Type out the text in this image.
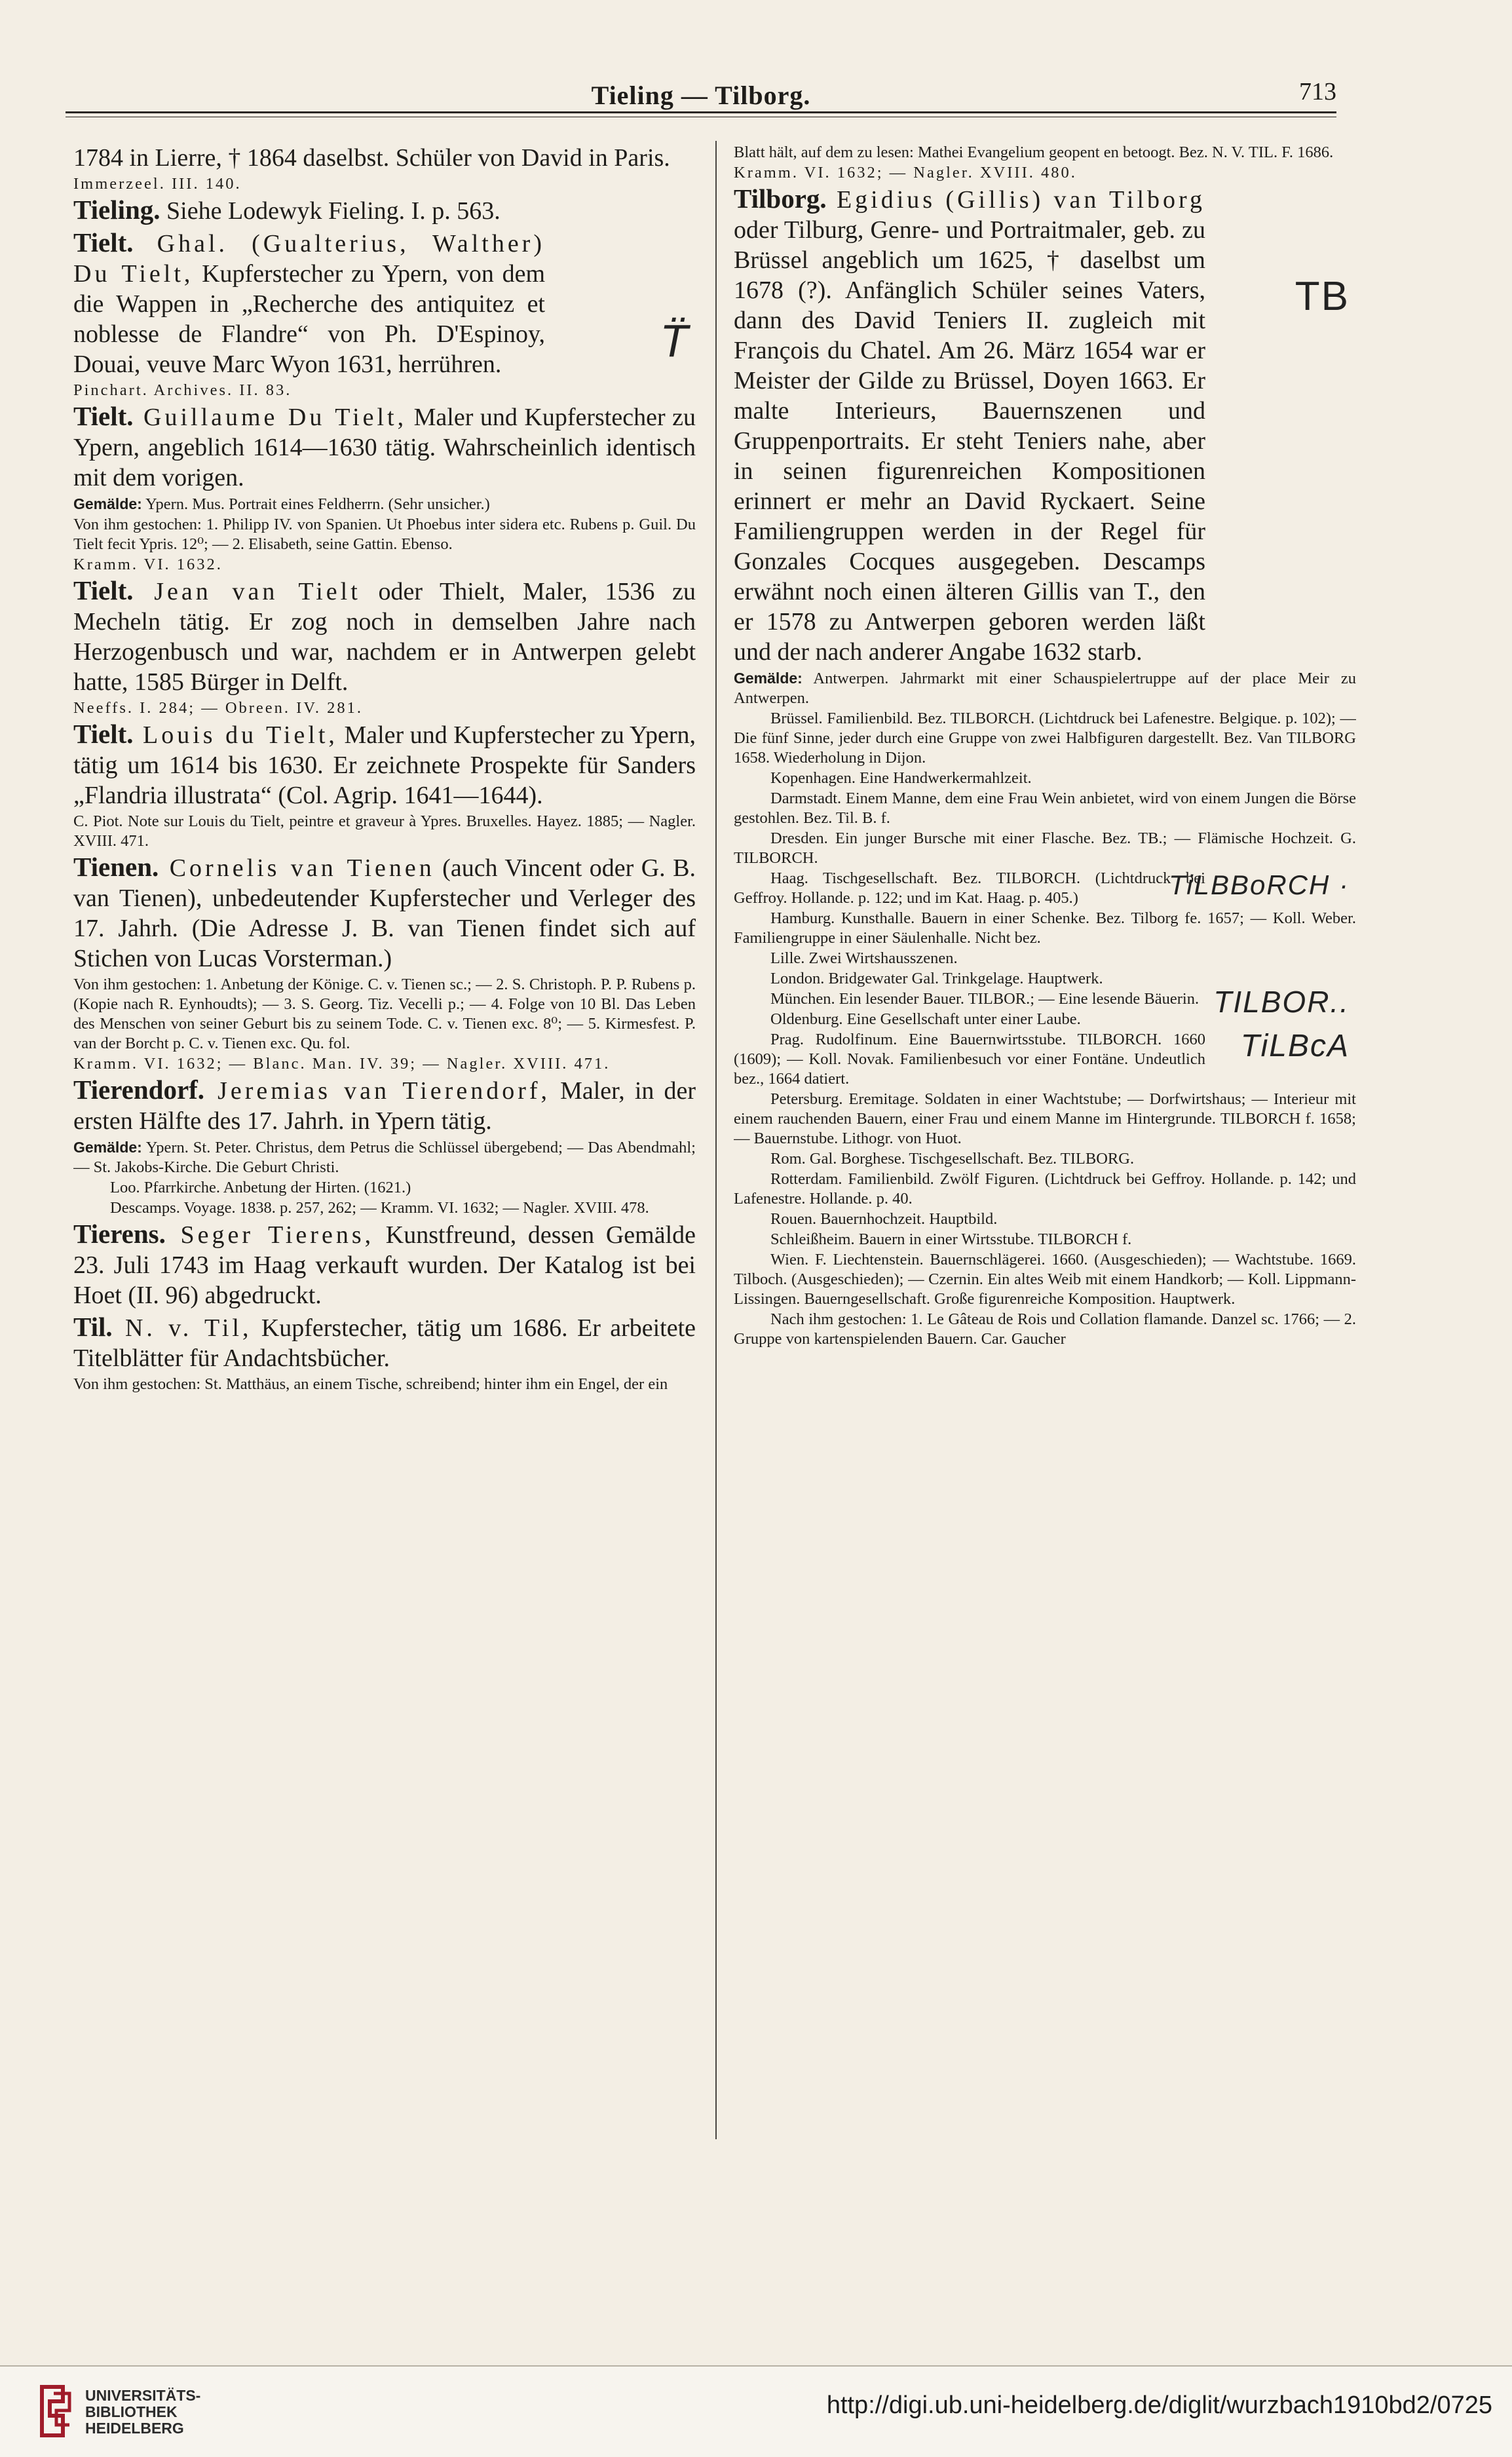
Tieling — Tilborg.	713

1784 in Lierre, † 1864 daselbst. Schüler von David in Paris.

Immerzeel. III. 140.

Tieling. Siehe Lodewyk Fieling. I. p. 563.

Tielt. Ghal. (Gualterius, Walther) Du Tielt, Kupferstecher zu Ypern, von dem die Wappen in „Recherche des antiquitez et noblesse de Flandre“ von Ph. D'Espinoy, Douai, veuve Marc Wyon 1631, herrühren.	T̈

Pinchart. Archives. II. 83.

Tielt. Guillaume Du Tielt, Maler und Kupferstecher zu Ypern, angeblich 1614—1630 tätig. Wahrscheinlich identisch mit dem vorigen.

Gemälde: Ypern. Mus. Portrait eines Feldherrn. (Sehr unsicher.)

Von ihm gestochen: 1. Philipp IV. von Spanien. Ut Phoebus inter sidera etc. Rubens p. Guil. Du Tielt fecit Ypris. 12⁰; — 2. Elisabeth, seine Gattin. Ebenso.

Kramm. VI. 1632.

Tielt. Jean van Tielt oder Thielt, Maler, 1536 zu Mecheln tätig. Er zog noch in demselben Jahre nach Herzogenbusch und war, nachdem er in Antwerpen gelebt hatte, 1585 Bürger in Delft.

Neeffs. I. 284; — Obreen. IV. 281.

Tielt. Louis du Tielt, Maler und Kupferstecher zu Ypern, tätig um 1614 bis 1630. Er zeichnete Prospekte für Sanders „Flandria illustrata“ (Col. Agrip. 1641—1644).

C. Piot. Note sur Louis du Tielt, peintre et graveur à Ypres. Bruxelles. Hayez. 1885; — Nagler. XVIII. 471.

Tienen. Cornelis van Tienen (auch Vincent oder G. B. van Tienen), unbedeutender Kupferstecher und Verleger des 17. Jahrh. (Die Adresse J. B. van Tienen findet sich auf Stichen von Lucas Vorsterman.)

Von ihm gestochen: 1. Anbetung der Könige. C. v. Tienen sc.; — 2. S. Christoph. P. P. Rubens p. (Kopie nach R. Eynhoudts); — 3. S. Georg. Tiz. Vecelli p.; — 4. Folge von 10 Bl. Das Leben des Menschen von seiner Geburt bis zu seinem Tode. C. v. Tienen exc. 8⁰; — 5. Kirmesfest. P. van der Borcht p. C. v. Tienen exc. Qu. fol.

Kramm. VI. 1632; — Blanc. Man. IV. 39; — Nagler. XVIII. 471.

Tierendorf. Jeremias van Tierendorf, Maler, in der ersten Hälfte des 17. Jahrh. in Ypern tätig.

Gemälde: Ypern. St. Peter. Christus, dem Petrus die Schlüssel übergebend; — Das Abendmahl; — St. Jakobs-Kirche. Die Geburt Christi.

Loo. Pfarrkirche. Anbetung der Hirten. (1621.)

Descamps. Voyage. 1838. p. 257, 262; — Kramm. VI. 1632; — Nagler. XVIII. 478.

Tierens. Seger Tierens, Kunstfreund, dessen Gemälde 23. Juli 1743 im Haag verkauft wurden. Der Katalog ist bei Hoet (II. 96) abgedruckt.

Til. N. v. Til, Kupferstecher, tätig um 1686. Er arbeitete Titelblätter für Andachtsbücher.

Von ihm gestochen: St. Matthäus, an einem Tische, schreibend; hinter ihm ein Engel, der ein

Blatt hält, auf dem zu lesen: Mathei Evangelium geopent en betoogt. Bez. N. V. TIL. F. 1686.

Kramm. VI. 1632; — Nagler. XVIII. 480.

Tilborg. Egidius (Gillis) van Tilborg oder Tilburg, Genre- und Portraitmaler, geb. zu Brüssel angeblich um 1625, † daselbst um 1678 (?). Anfänglich Schüler seines Vaters, dann des David Teniers II. zugleich mit François du Chatel. Am 26. März 1654 war er Meister der Gilde zu Brüssel, Doyen 1663. Er malte Interieurs, Bauernszenen und Gruppenportraits. Er steht Teniers nahe, aber in seinen figurenreichen Kompositionen erinnert er mehr an David Ryckaert. Seine Familiengruppen werden in der Regel für Gonzales Cocques ausgegeben. Descamps erwähnt noch einen älteren Gillis van T., den er 1578 zu Antwerpen geboren werden läßt und der nach anderer Angabe 1632 starb.
TB

Gemälde: Antwerpen. Jahrmarkt mit einer Schauspielertruppe auf der place Meir zu Antwerpen.

Brüssel. Familienbild. Bez. TILBORCH. (Lichtdruck bei Lafenestre. Belgique. p. 102); — Die fünf Sinne, jeder durch eine Gruppe von zwei Halbfiguren dargestellt. Bez. Van TILBORG 1658. Wiederholung in Dijon.

Kopenhagen. Eine Handwerkermahlzeit.

Darmstadt. Einem Manne, dem eine Frau Wein anbietet, wird von einem Jungen die Börse gestohlen. Bez. Til. B. f.

Dresden. Ein junger Bursche mit einer Flasche. Bez. TB.; — Flämische Hochzeit. G. TILBORCH.

Haag. Tischgesellschaft. Bez. TILBORCH. (Lichtdruck bei Geffroy. Hollande. p. 122; und im Kat. Haag. p. 405.)	TiLBBoRCH ·

Hamburg. Kunsthalle. Bauern in einer Schenke. Bez. Tilborg fe. 1657; — Koll. Weber. Familiengruppe in einer Säulenhalle. Nicht bez.

Lille. Zwei Wirtshausszenen.

London. Bridgewater Gal. Trinkgelage. Hauptwerk.

München. Ein lesender Bauer. TILBOR.; — Eine lesende Bäuerin. TILBOR..

Oldenburg. Eine Gesellschaft unter einer Laube.

Prag. Rudolfinum. Eine Bauernwirtsstube. TILBORCH. 1660 (1609); — Koll. Novak. Familienbesuch vor einer Fontäne. Undeutlich bez., 1664 datiert.
TiLBcA

Petersburg. Eremitage. Soldaten in einer Wachtstube; — Dorfwirtshaus; — Interieur mit einem rauchenden Bauern, einer Frau und einem Manne im Hintergrunde. TILBORCH f. 1658; — Bauernstube. Lithogr. von Huot.

Rom. Gal. Borghese. Tischgesellschaft. Bez. TILBORG.

Rotterdam. Familienbild. Zwölf Figuren. (Lichtdruck bei Geffroy. Hollande. p. 142; und Lafenestre. Hollande. p. 40.

Rouen. Bauernhochzeit. Hauptbild.

Schleißheim. Bauern in einer Wirtsstube. TILBORCH f.

Wien. F. Liechtenstein. Bauernschlägerei. 1660. (Ausgeschieden); — Wachtstube. 1669. Tilboch. (Ausgeschieden); — Czernin. Ein altes Weib mit einem Handkorb; — Koll. Lippmann-Lissingen. Bauerngesellschaft. Große figurenreiche Komposition. Hauptwerk.

Nach ihm gestochen: 1. Le Gâteau de Rois und Collation flamande. Danzel sc. 1766; — 2. Gruppe von kartenspielenden Bauern. Car. Gaucher

UNIVERSITÄTS-
BIBLIOTHEK
HEIDELBERG
http://digi.ub.uni-heidelberg.de/diglit/wurzbach1910bd2/0725
